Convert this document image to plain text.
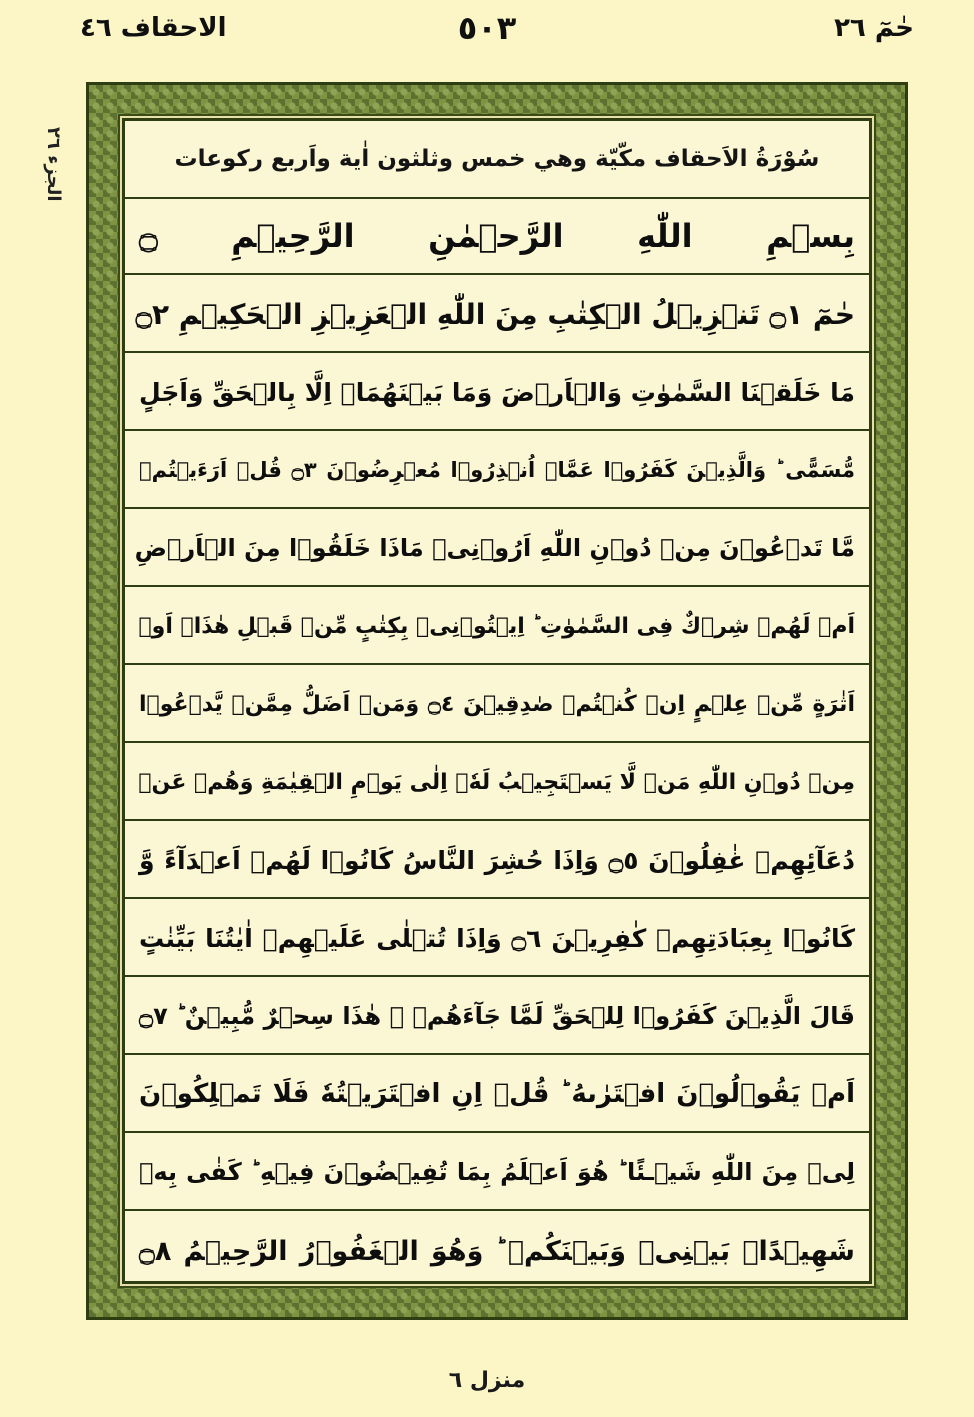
حٰمٓ ٢٦
٥٠٣
الاحقاف ٤٦
الجزء ٢٦	سُوْرَةُ الاَحقاف مكّيّة وهي خمس وثلثون اٰية واَربع ركوعات
بِسۡمِ اللّٰهِ الرَّحۡمٰنِ الرَّحِيۡمِ ۝
حٰمٓ ۝١ تَنۡزِيۡلُ الۡكِتٰبِ مِنَ اللّٰهِ الۡعَزِيۡزِ الۡحَكِيۡمِ ۝٢
مَا خَلَقۡنَا السَّمٰوٰتِ وَالۡاَرۡضَ وَمَا بَيۡنَهُمَاۤ اِلَّا بِالۡحَقِّ وَاَجَلٍ
مُّسَمًّى ؕ وَالَّذِيۡنَ كَفَرُوۡا عَمَّاۤ اُنۡذِرُوۡا مُعۡرِضُوۡنَ ۝٣ قُلۡ اَرَءَيۡتُمۡ
مَّا تَدۡعُوۡنَ مِنۡ دُوۡنِ اللّٰهِ اَرُوۡنِىۡ مَاذَا خَلَقُوۡا مِنَ الۡاَرۡضِ
اَمۡ لَهُمۡ شِرۡكٌ فِى السَّمٰوٰتِ ؕ اِيۡتُوۡنِىۡ بِكِتٰبٍ مِّنۡ قَبۡلِ هٰذَاۤ اَوۡ
اَثٰرَةٍ مِّنۡ عِلۡمٍ اِنۡ كُنۡتُمۡ صٰدِقِيۡنَ ۝٤ وَمَنۡ اَضَلُّ مِمَّنۡ يَّدۡعُوۡا
مِنۡ دُوۡنِ اللّٰهِ مَنۡ لَّا يَسۡتَجِيۡبُ لَهٗۤ اِلٰى يَوۡمِ الۡقِيٰمَةِ وَهُمۡ عَنۡ
دُعَآئِهِمۡ غٰفِلُوۡنَ ۝٥ وَاِذَا حُشِرَ النَّاسُ كَانُوۡا لَهُمۡ اَعۡدَآءً وَّ
كَانُوۡا بِعِبَادَتِهِمۡ كٰفِرِيۡنَ ۝٦ وَاِذَا تُتۡلٰى عَلَيۡهِمۡ اٰيٰتُنَا بَيِّنٰتٍ
قَالَ الَّذِيۡنَ كَفَرُوۡا لِلۡحَقِّ لَمَّا جَآءَهُمۡ ۙ هٰذَا سِحۡرٌ مُّبِيۡنٌ ؕ ۝٧
اَمۡ يَقُوۡلُوۡنَ افۡتَرٰٮهُ ؕ قُلۡ اِنِ افۡتَرَيۡتُهٗ فَلَا تَمۡلِكُوۡنَ
لِىۡ مِنَ اللّٰهِ شَيۡـئًا ؕ هُوَ اَعۡلَمُ بِمَا تُفِيۡضُوۡنَ فِيۡهِ ؕ كَفٰى بِهٖ
شَهِيۡدًاۢ بَيۡنِىۡ وَبَيۡنَكُمۡ ؕ وَهُوَ الۡغَفُوۡرُ الرَّحِيۡمُ ۝٨
منزل ٦
